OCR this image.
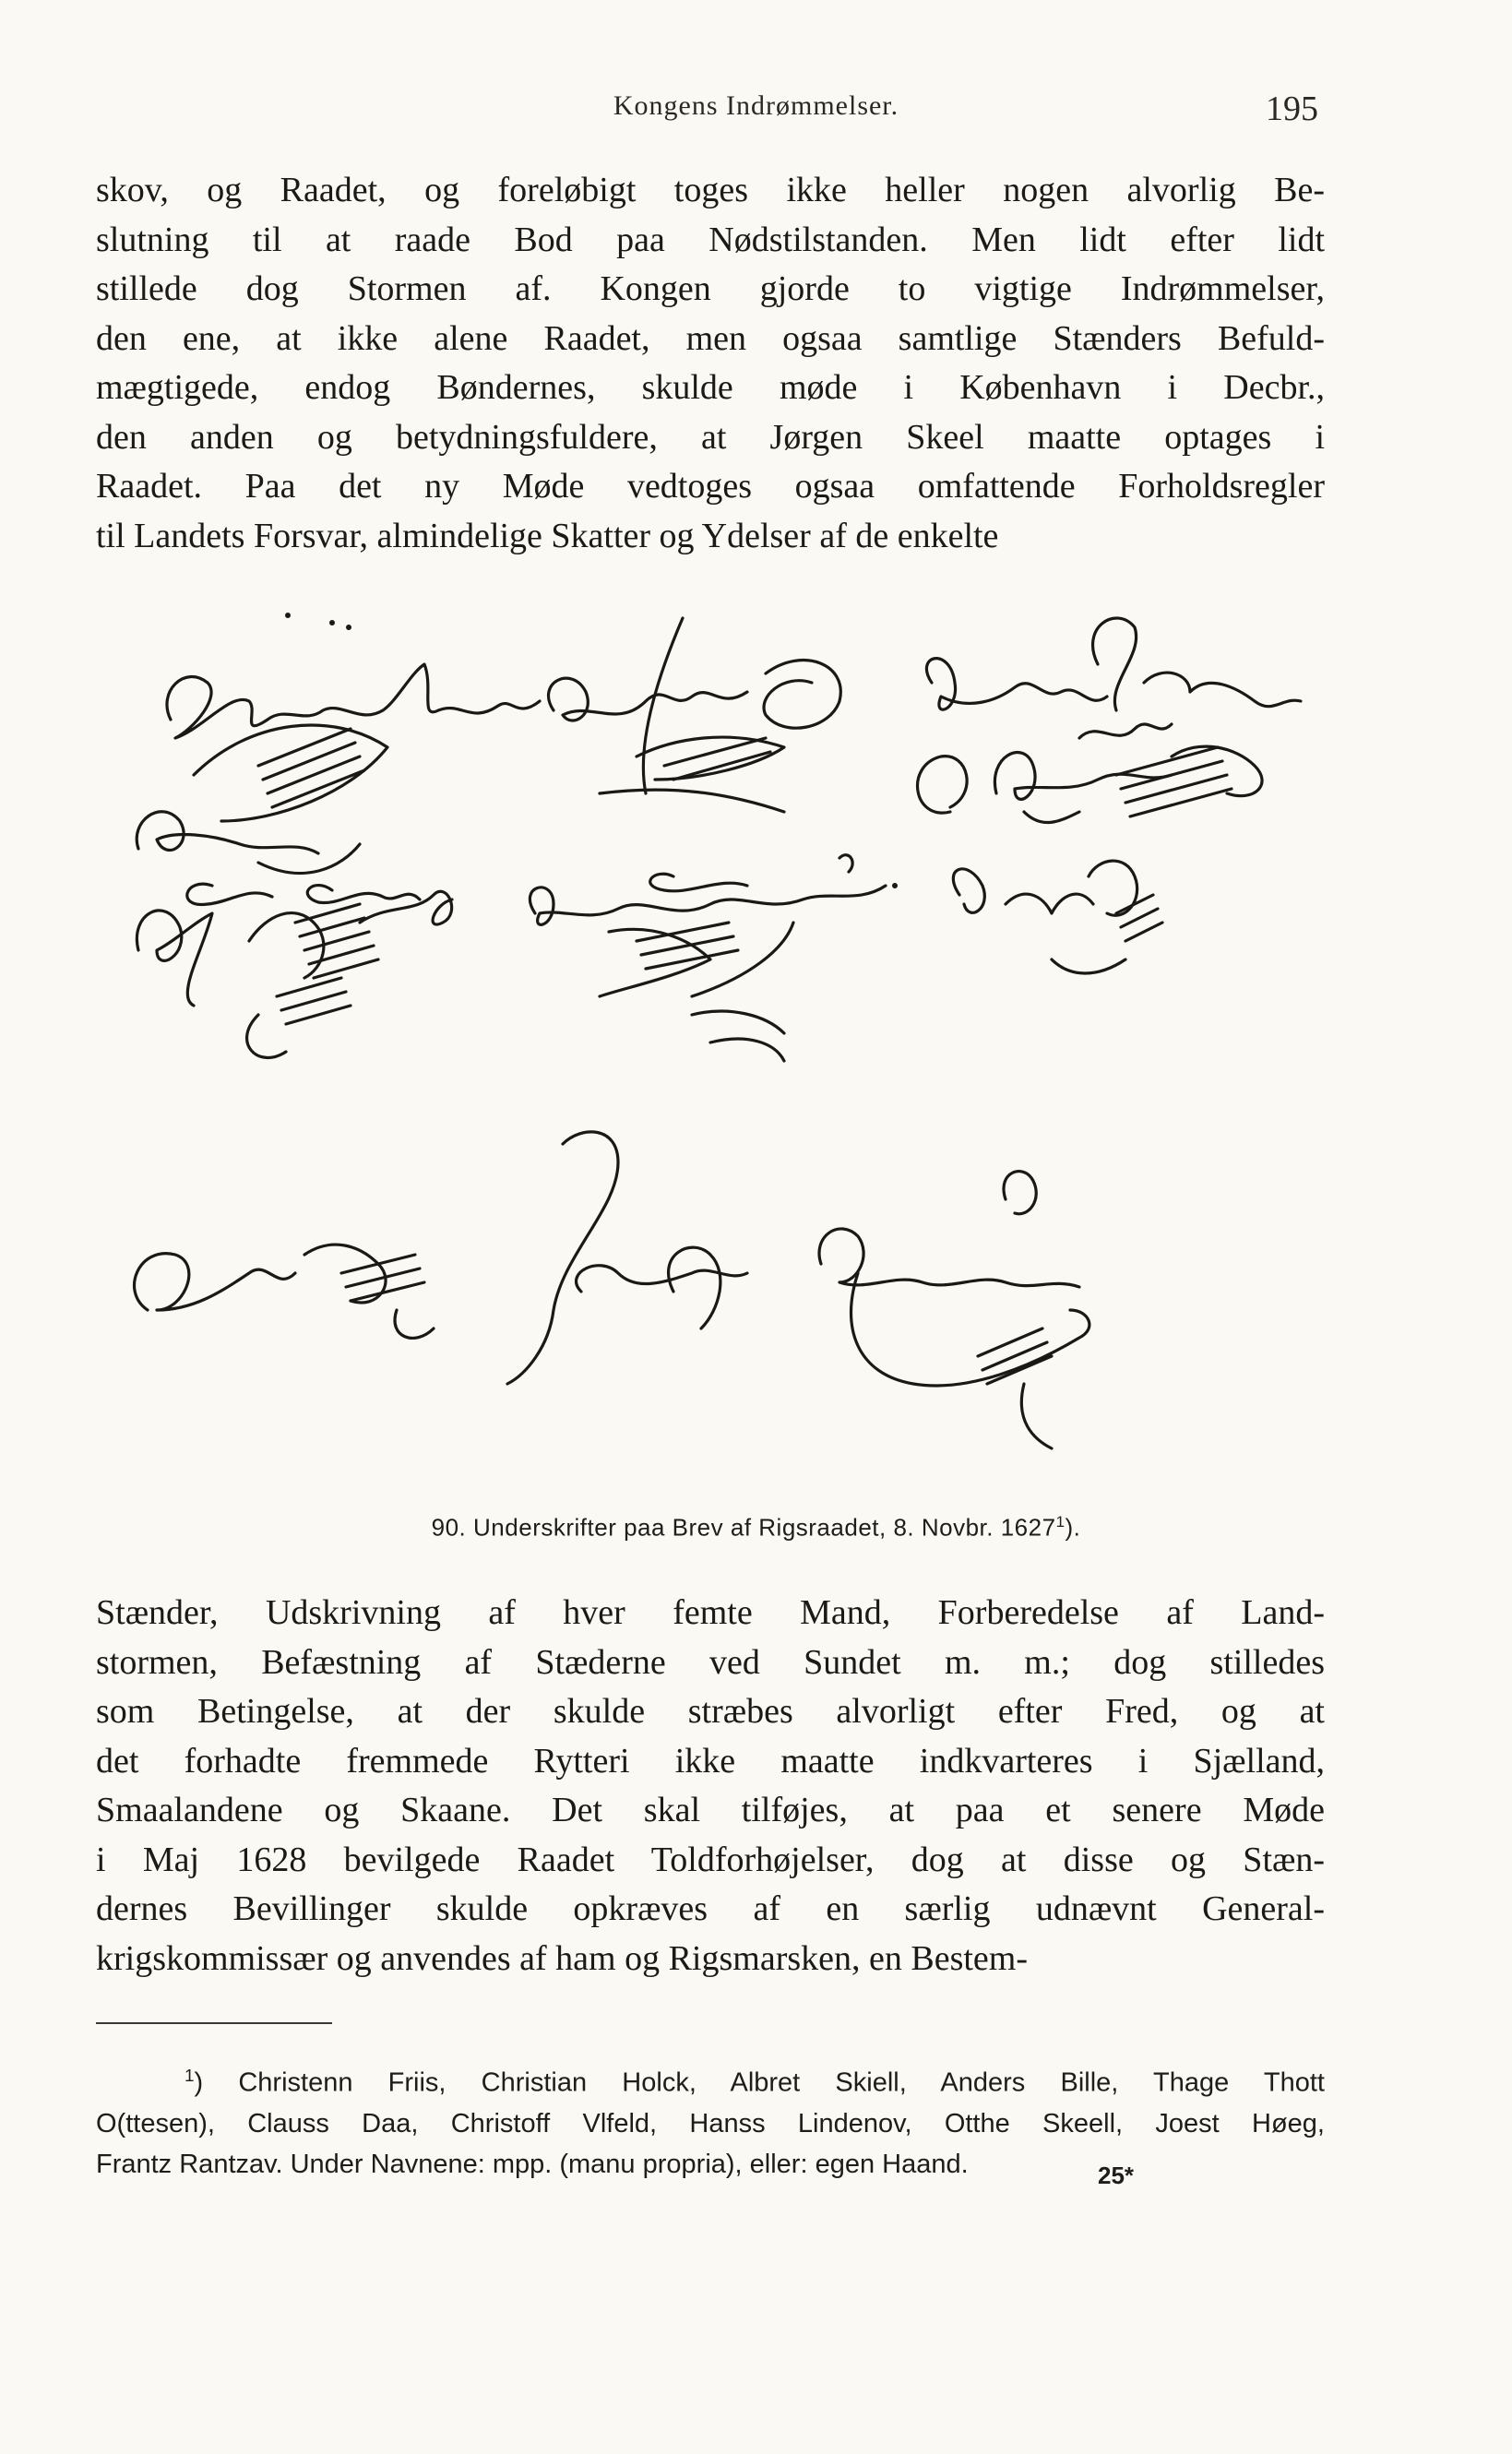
Kongens Indrømmelser.	195
skov, og Raadet, og foreløbigt toges ikke heller nogen alvorlig Be-
slutning til at raade Bod paa Nødstilstanden. Men lidt efter lidt
stillede dog Stormen af. Kongen gjorde to vigtige Indrømmelser,
den ene, at ikke alene Raadet, men ogsaa samtlige Stænders Befuld-
mægtigede, endog Bøndernes, skulde møde i København i Decbr.,
den anden og betydningsfuldere, at Jørgen Skeel maatte optages i
Raadet. Paa det ny Møde vedtoges ogsaa omfattende Forholdsregler
til Landets Forsvar, almindelige Skatter og Ydelser af de enkelte
90. Underskrifter paa Brev af Rigsraadet, 8. Novbr. 1627$^1$).
Stænder, Udskrivning af hver femte Mand, Forberedelse af Land-
stormen, Befæstning af Stæderne ved Sundet m. m.; dog stilledes
som Betingelse, at der skulde stræbes alvorligt efter Fred, og at
det forhadte fremmede Rytteri ikke maatte indkvarteres i Sjælland,
Smaalandene og Skaane. Det skal tilføjes, at paa et senere Møde
i Maj 1628 bevilgede Raadet Toldforhøjelser, dog at disse og Stæn-
dernes Bevillinger skulde opkræves af en særlig udnævnt General-
krigskommissær og anvendes af ham og Rigsmarsken, en Bestem-
$^1$) Christenn Friis, Christian Holck, Albret Skiell, Anders Bille, Thage Thott
O(ttesen), Clauss Daa, Christoff Vlfeld, Hanss Lindenov, Otthe Skeell, Joest Høeg,
Frantz Rantzav. Under Navnene: mpp. (manu propria), eller: egen Haand.	25*
